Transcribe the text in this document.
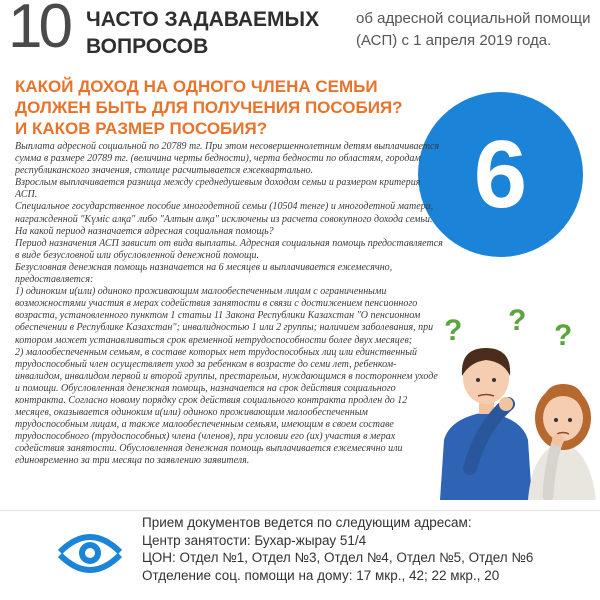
10 ЧАСТО ЗАДАВАЕМЫХ
ВОПРОСОВ
об адресной социальной помощи (АСП) с 1 апреля 2019 года.
КАКОЙ ДОХОД НА ОДНОГО ЧЛЕНА СЕМЬИ
ДОЛЖЕН БЫТЬ ДЛЯ ПОЛУЧЕНИЯ ПОСОБИЯ?
И КАКОВ РАЗМЕР ПОСОБИЯ?	6

Выплата адресной социальной по 20789 тг. При этом несовершеннолетним детям выплачивается сумма в размере 20789 тг. (величина черты бедности), черта бедности по областям, городам республиканского значения, столице расчитывается ежеквартально.

Взрослым выплачивается разница между среднедушевым доходом семьи и размером критерия АСП.

Специальное государственное пособие многодетной семьи (10504 тенге) и многодетной матери, награжденной "Күміс алқа" либо "Алтын алқа" исключены из расчета совокупного дохода семьи.

На какой период назначается адресная социальная помощь?

Период назначения АСП зависит от вида выплаты. Адресная социальная помощь предоставляется в виде безусловной или обусловленной денежной помощи.

Безусловная денежная помощь назначается на 6 месяцев и выплачивается ежемесячно, предоставляется:

1) одиноким и(или) одиноко проживающим малообеспеченным лицам с ограниченными возможностями участия в мерах содействия занятости в связи с достижением пенсионного возраста, установленного пунктом 1 статьи 11 Закона Республики Казахстан "О пенсионном обеспечении в Республике Казахстан"; инвалидностью 1 или 2 группы; наличием заболевания, при котором может устанавливаться срок временной нетрудоспособности более двух месяцев;

2) малообеспеченным семьям, в составе которых нет трудоспособных лиц или единственный трудоспособный член осуществляет уход за ребенком в возрасте до семи лет, ребенком-инвалидом, инвалидом первой и второй группы, престарелым, нуждающимся в постороннем уходе и помощи. Обусловленная денежная помощь, назначается на срок действия социального контракта. Согласно новому порядку срок действия социального контракта продлен до 12 месяцев, оказывается одиноким и(или) одиноко проживающим малообеспеченным трудоспособным лицам, а также малообеспеченным семьям, имеющим в своем составе трудоспособного (трудоспособных) члена (членов), при условии его (их) участия в мерах содействия занятости. Обусловленная денежная помощь выплачивается ежемесячно или единовременно за три месяца по заявлению заявителя.

? ? ?
Прием документов ведется по следующим адресам:
Центр занятости: Бухар-жырау 51/4
ЦОН: Отдел №1, Отдел №3, Отдел №4, Отдел №5, Отдел №6
Отделение соц. помощи на дому: 17 мкр., 42; 22 мкр., 20
